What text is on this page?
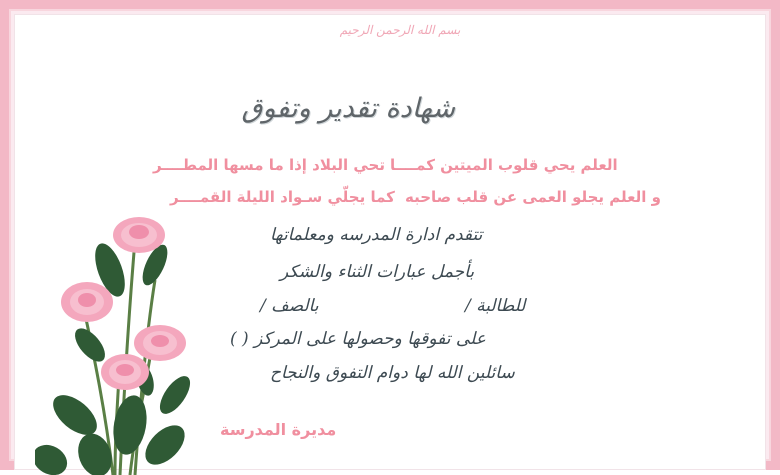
بسم الله الرحمن الرحيم
شهادة تقدير وتفوق
العلم يحي قلوب الميتين كمــــا
تحي البلاد إذا ما مسها المطــــر
و العلم يجلو العمى عن قلب صاحبه
كما يجلّي سـواد الليلة القمــــر
تتقدم ادارة المدرسه ومعلماتها
بأجمل عبارات الثناء والشكر
للطالبة /
بالصف /
على تفوقها وحصولها على المركز ( )
سائلين الله لها دوام التفوق والنجاح
مديرة المدرسة
